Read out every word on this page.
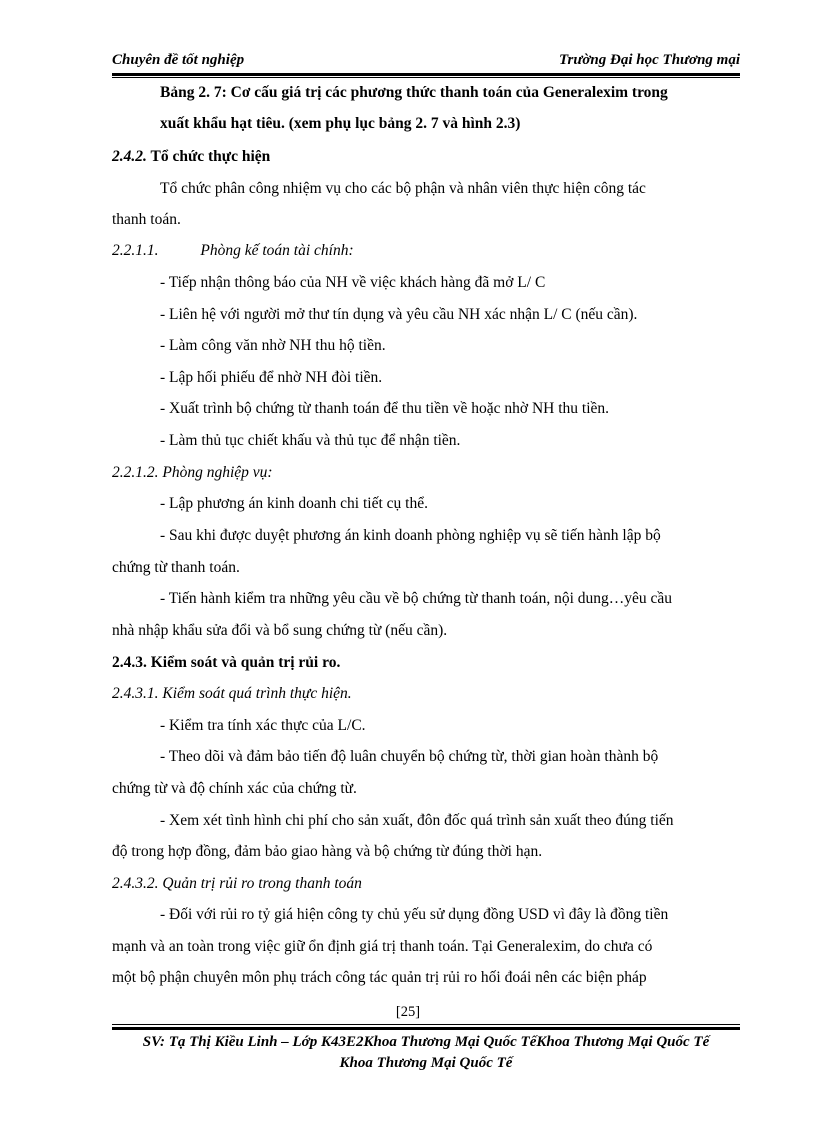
Chuyên đề tốt nghiệp	Trường Đại học Thương mại
Bảng 2. 7: Cơ cấu giá trị các phương thức thanh toán của Generalexim trong
xuất khẩu hạt tiêu. (xem phụ lục bảng 2. 7 và hình 2.3)
2.4.2. Tổ chức thực hiện
Tổ chức phân công nhiệm vụ cho các bộ phận và nhân viên thực hiện công tác
thanh toán.
2.2.1.1.	Phòng kế toán tài chính:
- Tiếp nhận thông báo của NH về việc khách hàng đã mở L/ C
- Liên hệ với người mở thư tín dụng và yêu cầu NH xác nhận L/ C (nếu cần).
- Làm công văn nhờ NH thu hộ tiền.
- Lập hối phiếu để nhờ NH đòi tiền.
- Xuất trình bộ chứng từ thanh toán để thu tiền về hoặc nhờ NH thu tiền.
- Làm thủ tục chiết khấu và thủ tục để nhận tiền.
2.2.1.2. Phòng nghiệp vụ:
- Lập phương án kinh doanh chi tiết cụ thể.
- Sau khi được duyệt phương án kinh doanh phòng nghiệp vụ sẽ tiến hành lập bộ
chứng từ thanh toán.
- Tiến hành kiểm tra những yêu cầu về bộ chứng từ thanh toán, nội dung…yêu cầu
nhà nhập khẩu sửa đổi và bổ sung chứng từ (nếu cần).
2.4.3. Kiểm soát và quản trị rủi ro.
2.4.3.1. Kiểm soát quá trình thực hiện.
- Kiểm tra tính xác thực của L/C.
- Theo dõi và đảm bảo tiến độ luân chuyển bộ chứng từ, thời gian hoàn thành bộ
chứng từ và độ chính xác của chứng từ.
- Xem xét tình hình chi phí cho sản xuất, đôn đốc quá trình sản xuất theo đúng tiến
độ trong hợp đồng, đảm bảo giao hàng và bộ chứng từ đúng thời hạn.
2.4.3.2. Quản trị rủi ro trong thanh toán
- Đối với rủi ro tỷ giá hiện công ty chủ yếu sử dụng đồng USD vì đây là đồng tiền
mạnh và an toàn trong việc giữ ổn định giá trị thanh toán. Tại Generalexim, do chưa có
một bộ phận chuyên môn phụ trách công tác quản trị rủi ro hối đoái nên các biện pháp
[25]
SV: Tạ Thị Kiều Linh – Lớp K43E2Khoa Thương Mại Quốc TếKhoa Thương Mại Quốc Tế
Khoa Thương Mại Quốc Tế
